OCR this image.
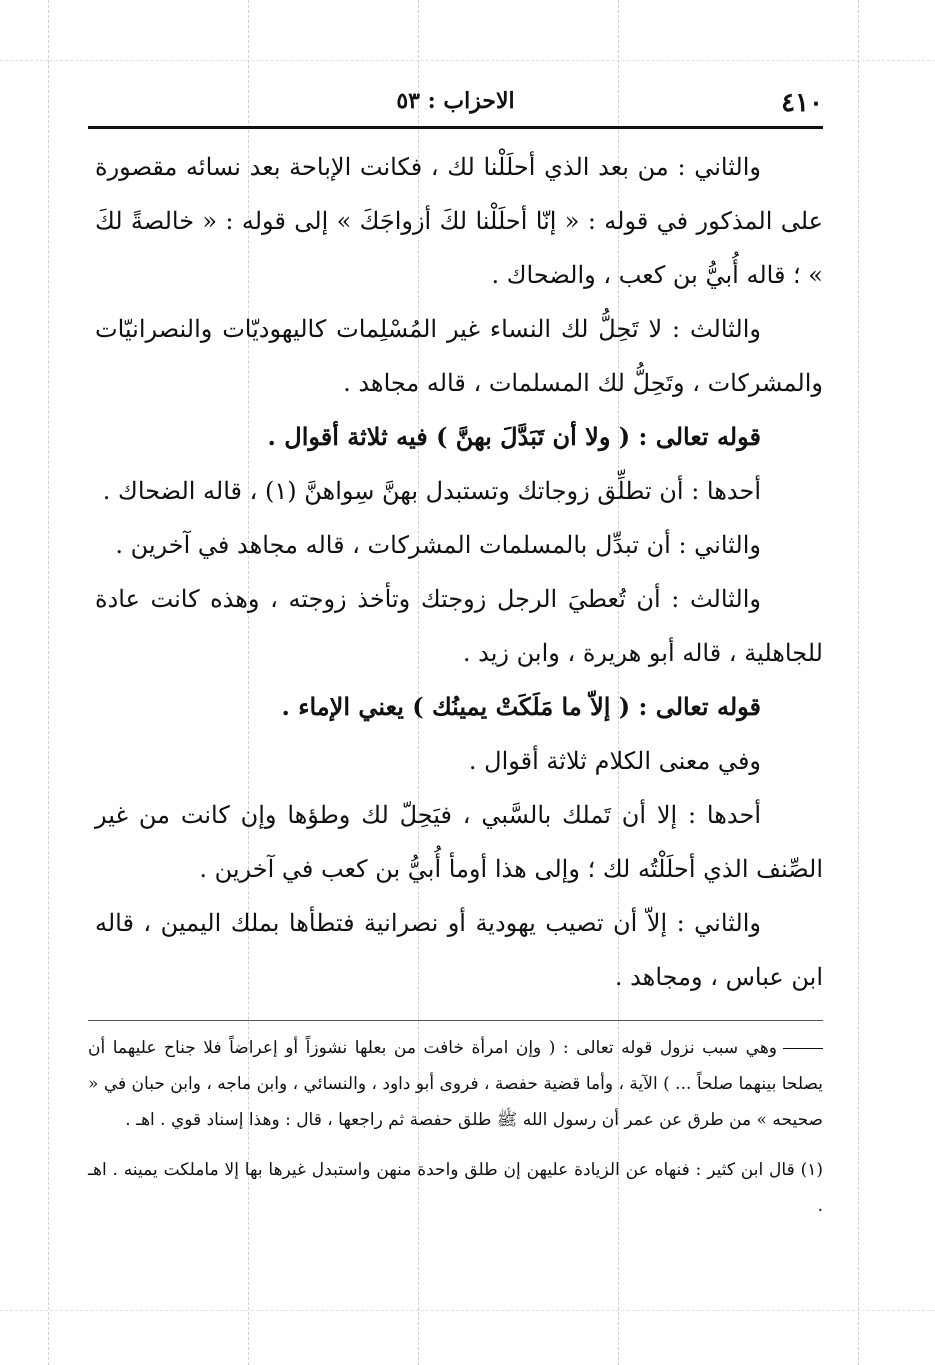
٤١٠
الاحزاب : ٥٣

والثاني : من بعد الذي أحلَلْنا لك ، فكانت الإباحة بعد نسائه مقصورة على المذكور في قوله : « إنّا أحلَلْنا لكَ أزواجَكَ » إلى قوله : « خالصةً لكَ » ؛ قاله أُبيُّ بن كعب ، والضحاك .

والثالث : لا تَحِلُّ لك النساء غير المُسْلِمات كاليهوديّات والنصرانيّات والمشركات ، وتَحِلُّ لك المسلمات ، قاله مجاهد .

قوله تعالى : ( ولا أن تَبَدَّلَ بهنَّ ) فيه ثلاثة أقوال .

أحدها : أن تطلِّق زوجاتك وتستبدل بهنَّ سِواهنَّ (١) ، قاله الضحاك .

والثاني : أن تبدِّل بالمسلمات المشركات ، قاله مجاهد في آخرين .

والثالث : أن تُعطيَ الرجل زوجتك وتأخذ زوجته ، وهذه كانت عادة للجاهلية ، قاله أبو هريرة ، وابن زيد .

قوله تعالى : ( إلاّ ما مَلَكَتْ يمينُك ) يعني الإماء .

وفي معنى الكلام ثلاثة أقوال .

أحدها : إلا أن تَملك بالسَّبي ، فيَحِلّ لك وطؤها وإن كانت من غير الصِّنف الذي أحلَلْتُه لك ؛ وإلى هذا أومأ أُبيُّ بن كعب في آخرين .

والثاني : إلاّ أن تصيب يهودية أو نصرانية فتطأها بملك اليمين ، قاله ابن عباس ، ومجاهد .

وهي سبب نزول قوله تعالى : ( وإن امرأة خافت من بعلها نشوزاً أو إعراضاً فلا جناح عليهما أن يصلحا بينهما صلحاً ... ) الآية ، وأما قضية حفصة ، فروى أبو داود ، والنسائي ، وابن ماجه ، وابن حبان في « صحيحه » من طرق عن عمر أن رسول الله ﷺ طلق حفصة ثم راجعها ، قال : وهذا إسناد قوي . اهـ .

(١) قال ابن كثير : فنهاه عن الزيادة عليهن إن طلق واحدة منهن واستبدل غيرها بها إلا ماملكت يمينه . اهـ .
